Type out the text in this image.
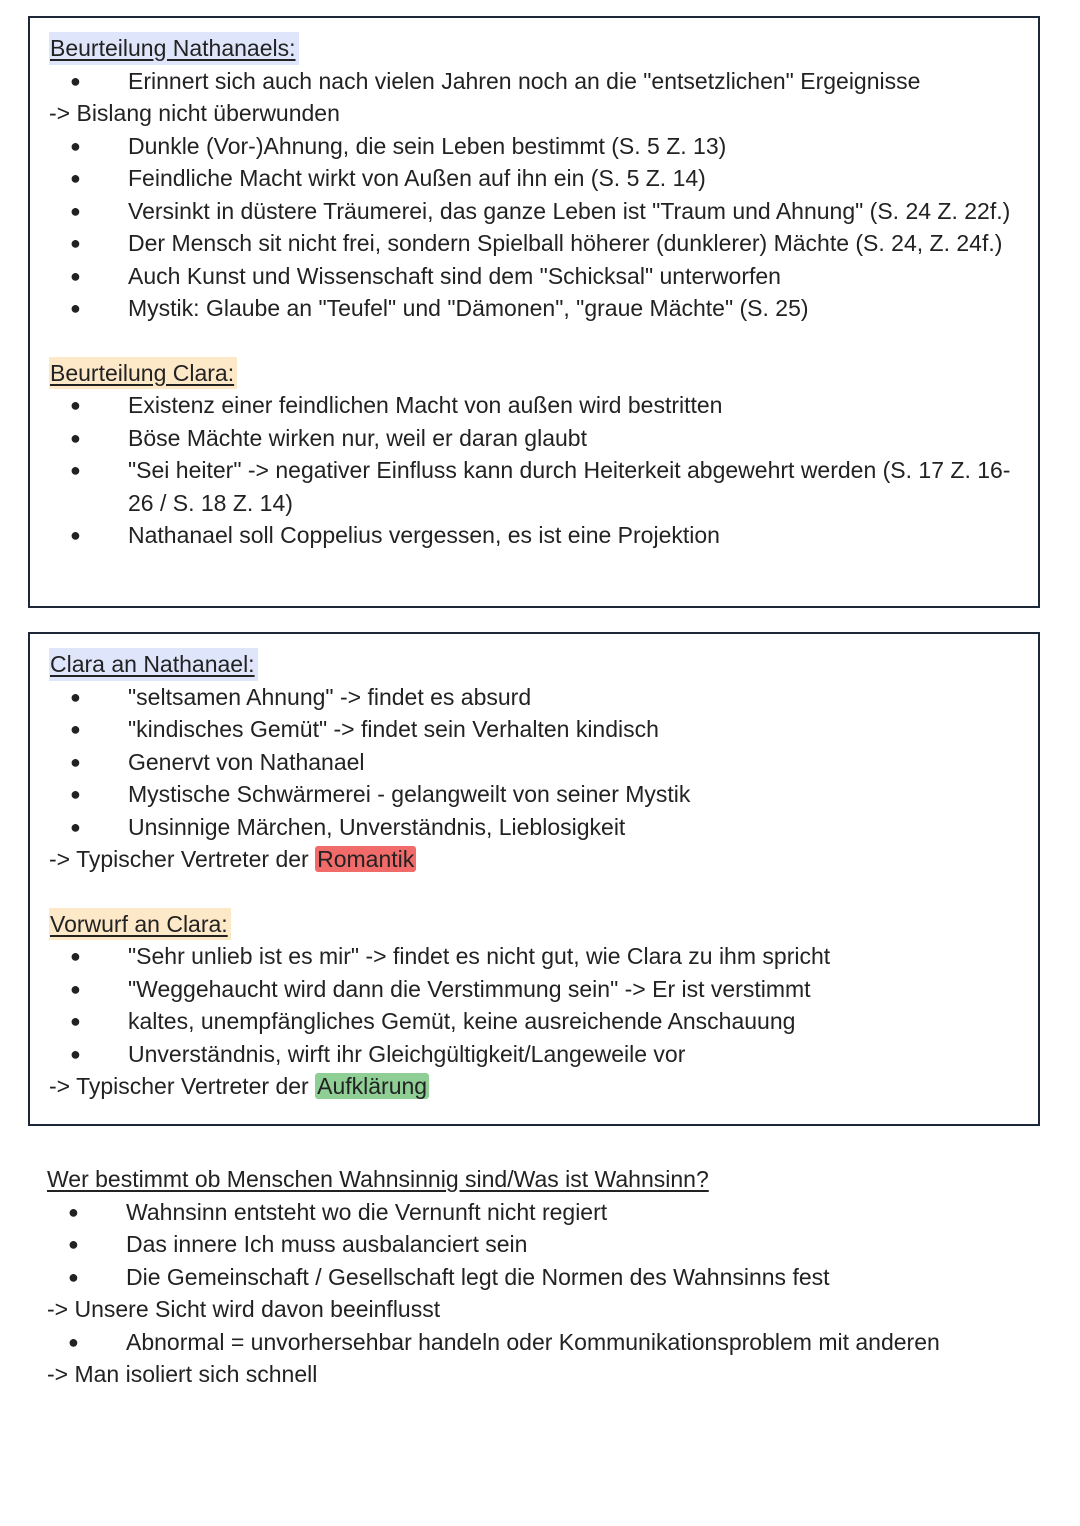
Beurteilung Nathanaels:
●	Erinnert sich auch nach vielen Jahren noch an die "entsetzlichen" Ergeignisse
-> Bislang nicht überwunden
●	Dunkle (Vor-)Ahnung, die sein Leben bestimmt (S. 5 Z. 13)
●	Feindliche Macht wirkt von Außen auf ihn ein (S. 5 Z. 14)
●	Versinkt in düstere Träumerei, das ganze Leben ist "Traum und Ahnung" (S. 24 Z. 22f.)
●	Der Mensch sit nicht frei, sondern Spielball höherer (dunklerer) Mächte (S. 24, Z. 24f.)
●	Auch Kunst und Wissenschaft sind dem "Schicksal" unterworfen
●	Mystik: Glaube an "Teufel" und "Dämonen", "graue Mächte" (S. 25)
Beurteilung Clara:
●	Existenz einer feindlichen Macht von außen wird bestritten
●	Böse Mächte wirken nur, weil er daran glaubt
●	"Sei heiter" -> negativer Einfluss kann durch Heiterkeit abgewehrt werden (S. 17 Z. 16-26 / S. 18 Z. 14)
●	Nathanael soll Coppelius vergessen, es ist eine Projektion
Clara an Nathanael:
●	"seltsamen Ahnung" -> findet es absurd
●	"kindisches Gemüt" -> findet sein Verhalten kindisch
●	Genervt von Nathanael
●	Mystische Schwärmerei - gelangweilt von seiner Mystik
●	Unsinnige Märchen, Unverständnis, Lieblosigkeit
-> Typischer Vertreter der Romantik
Vorwurf an Clara:
●	"Sehr unlieb ist es mir" -> findet es nicht gut, wie Clara zu ihm spricht
●	"Weggehaucht wird dann die Verstimmung sein" -> Er ist verstimmt
●	kaltes, unempfängliches Gemüt, keine ausreichende Anschauung
●	Unverständnis, wirft ihr Gleichgültigkeit/Langeweile vor
-> Typischer Vertreter der Aufklärung
Wer bestimmt ob Menschen Wahnsinnig sind/Was ist Wahnsinn?
●	Wahnsinn entsteht wo die Vernunft nicht regiert
●	Das innere Ich muss ausbalanciert sein
●	Die Gemeinschaft / Gesellschaft legt die Normen des Wahnsinns fest
-> Unsere Sicht wird davon beeinflusst
●	Abnormal = unvorhersehbar handeln oder Kommunikationsproblem mit anderen
-> Man isoliert sich schnell
